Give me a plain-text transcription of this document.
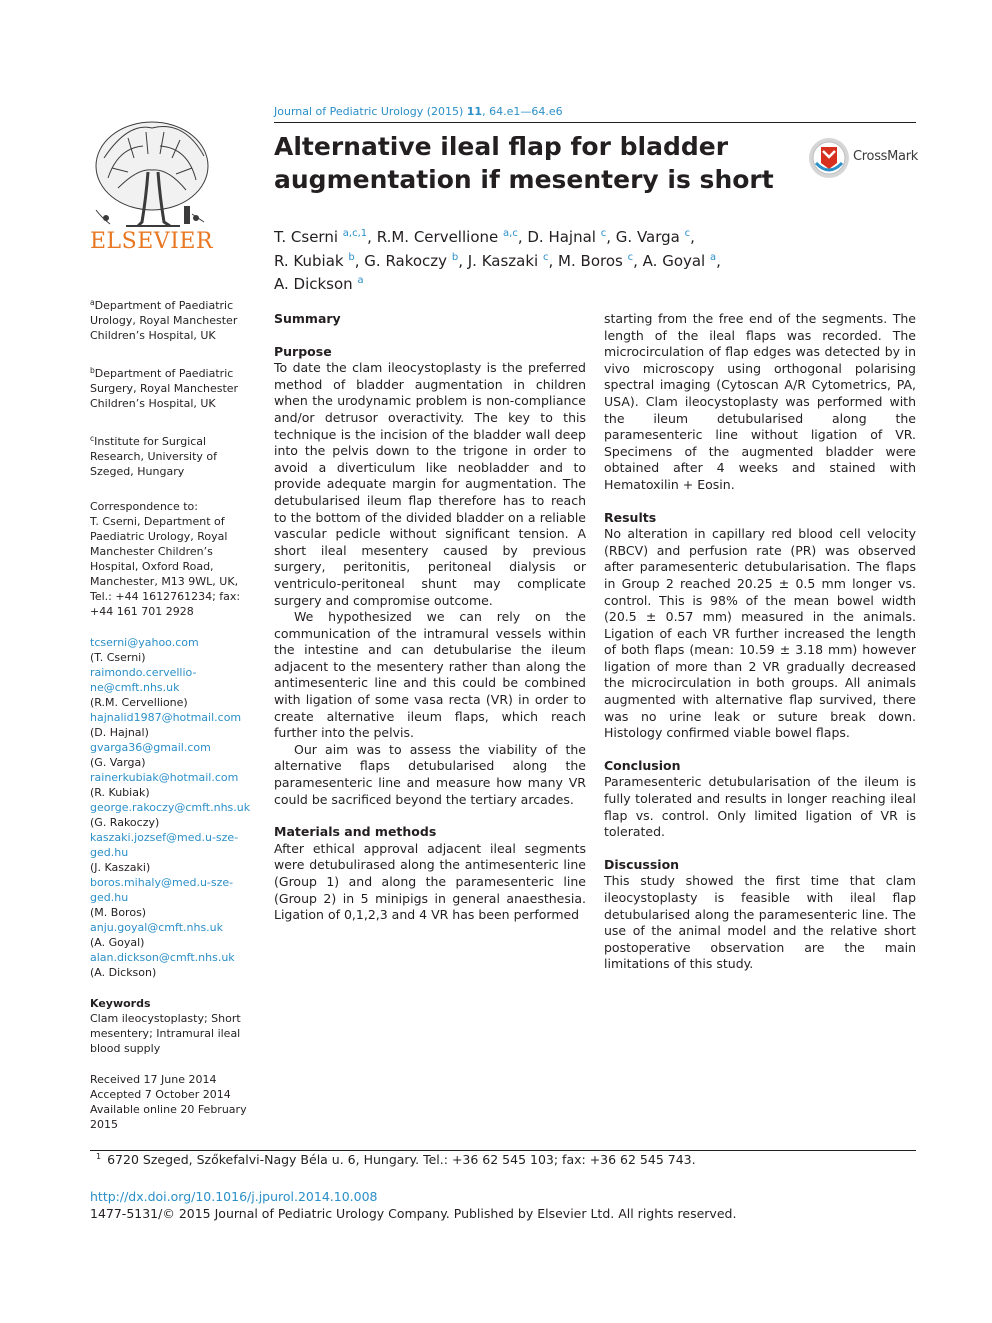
Journal of Pediatric Urology (2015) 11, 64.e1—64.e6
Alternative ileal flap for bladder augmentation if mesentery is short
CrossMark
ELSEVIER	T. Cserni $^{a,c,1}$, R.M. Cervellione $^{a,c}$, D. Hajnal $^c$, G. Varga $^c$,
R. Kubiak $^b$, G. Rakoczy $^b$, J. Kaszaki $^c$, M. Boros $^c$, A. Goyal $^a$,
A. Dickson $^a$
$^a$Department of Paediatric Urology, Royal Manchester Children’s Hospital, UK
$^b$Department of Paediatric Surgery, Royal Manchester Children’s Hospital, UK
$^c$Institute for Surgical Research, University of Szeged, Hungary
Correspondence to:
T. Cserni, Department of Paediatric Urology, Royal Manchester Children’s Hospital, Oxford Road, Manchester, M13 9WL, UK, Tel.: +44 1612761234; fax: +44 161 701 2928
tcserni@yahoo.com
(T. Cserni)
raimondo.cervellio-ne@cmft.nhs.uk
(R.M. Cervellione)
hajnalid1987@hotmail.com
(D. Hajnal)
gvarga36@gmail.com
(G. Varga)
rainerkubiak@hotmail.com
(R. Kubiak)
george.rakoczy@cmft.nhs.uk
(G. Rakoczy)
kaszaki.jozsef@med.u-sze-ged.hu
(J. Kaszaki)
boros.mihaly@med.u-sze-ged.hu
(M. Boros)
anju.goyal@cmft.nhs.uk
(A. Goyal)
alan.dickson@cmft.nhs.uk
(A. Dickson)
Keywords
Clam ileocystoplasty; Short mesentery; Intramural ileal blood supply
Received 17 June 2014
Accepted 7 October 2014
Available online 20 February 2015
Summary
Purpose

To date the clam ileocystoplasty is the preferred method of bladder augmentation in children when the urodynamic problem is non-compliance and/or detrusor overactivity. The key to this technique is the incision of the bladder wall deep into the pelvis down to the trigone in order to avoid a diverticulum like neobladder and to provide adequate margin for augmentation. The detubularised ileum flap therefore has to reach to the bottom of the divided bladder on a reliable vascular pedicle without significant tension. A short ileal mesentery caused by previous surgery, peritonitis, peritoneal dialysis or ventriculo-peritoneal shunt may complicate surgery and compromise outcome.

We hypothesized we can rely on the communication of the intramural vessels within the intestine and can detubularise the ileum adjacent to the mesentery rather than along the antimesenteric line and this could be combined with ligation of some vasa recta (VR) in order to create alternative ileum flaps, which reach further into the pelvis.

Our aim was to assess the viability of the alternative flaps detubularised along the paramesenteric line and measure how many VR could be sacrificed beyond the tertiary arcades.

Materials and methods

After ethical approval adjacent ileal segments were detubulirased along the antimesenteric line (Group 1) and along the paramesenteric line (Group 2) in 5 minipigs in general anaesthesia. Ligation of 0,1,2,3 and 4 VR has been performed

starting from the free end of the segments. The length of the ileal flaps was recorded. The microcirculation of flap edges was detected by in vivo microscopy using orthogonal polarising spectral imaging (Cytoscan A/R Cytometrics, PA, USA). Clam ileocystoplasty was performed with the ileum detubularised along the paramesenteric line without ligation of VR. Specimens of the augmented bladder were obtained after 4 weeks and stained with Hematoxilin + Eosin.

Results

No alteration in capillary red blood cell velocity (RBCV) and perfusion rate (PR) was observed after paramesenteric detubularisation. The flaps in Group 2 reached 20.25 ± 0.5 mm longer vs. control. This is 98% of the mean bowel width (20.5 ± 0.57 mm) measured in the animals. Ligation of each VR further increased the length of both flaps (mean: 10.59 ± 3.18 mm) however ligation of more than 2 VR gradually decreased the microcirculation in both groups. All animals augmented with alternative flap survived, there was no urine leak or suture break down. Histology confirmed viable bowel flaps.

Conclusion

Paramesenteric detubularisation of the ileum is fully tolerated and results in longer reaching ileal flap vs. control. Only limited ligation of VR is tolerated.

Discussion

This study showed the first time that clam ileocystoplasty is feasible with ileal flap detubularised along the paramesenteric line. The use of the animal model and the relative short postoperative observation are the main limitations of this study.

$^1$ 6720 Szeged, Szőkefalvi-Nagy Béla u. 6, Hungary. Tel.: +36 62 545 103; fax: +36 62 545 743.
http://dx.doi.org/10.1016/j.jpurol.2014.10.008
1477-5131/© 2015 Journal of Pediatric Urology Company. Published by Elsevier Ltd. All rights reserved.
